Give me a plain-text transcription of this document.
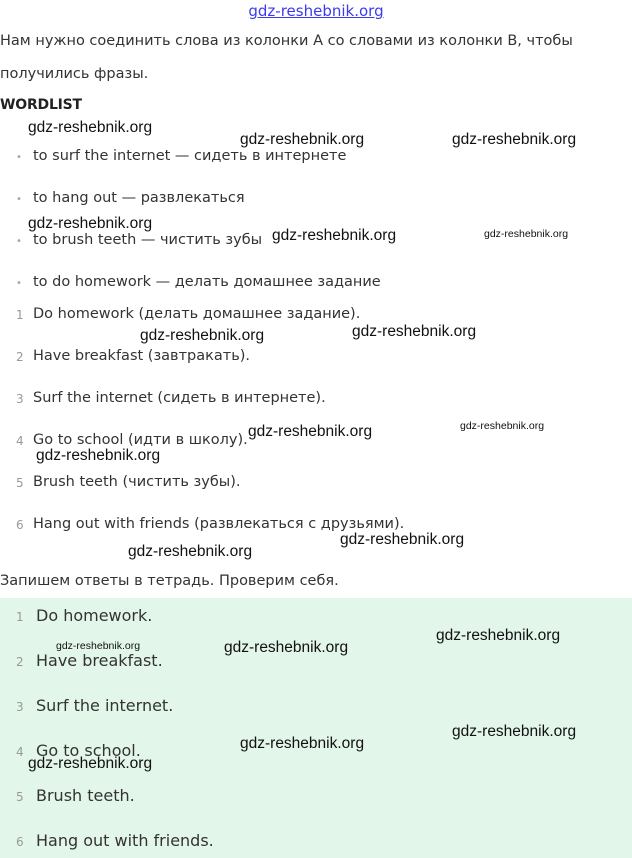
gdz-reshebnik.org
Нам нужно соединить слова из колонки А со словами из колонки В, чтобы
получились фразы.
WORDLIST
• to surf the internet — сидеть в интернете
• to hang out — развлекаться
• to brush teeth — чистить зубы
• to do homework — делать домашнее задание
1 Do homework (делать домашнее задание).
2 Have breakfast (завтракать).
3 Surf the internet (сидеть в интернете).
4 Go to school (идти в школу).
5 Brush teeth (чистить зубы).
6 Hang out with friends (развлекаться с друзьями).
Запишем ответы в тетрадь. Проверим себя.
1 Do homework.
2 Have breakfast.
3 Surf the internet.
4 Go to school.
5 Brush teeth.
6 Hang out with friends.
gdz-reshebnik.org
gdz-reshebnik.org	gdz-reshebnik.org
gdz-reshebnik.org
gdz-reshebnik.org	gdz-reshebnik.org
gdz-reshebnik.org	gdz-reshebnik.org
gdz-reshebnik.org	gdz-reshebnik.org
gdz-reshebnik.org
gdz-reshebnik.org
gdz-reshebnik.org
gdz-reshebnik.org	gdz-reshebnik.org
gdz-reshebnik.org
gdz-reshebnik.org
gdz-reshebnik.org
gdz-reshebnik.org
